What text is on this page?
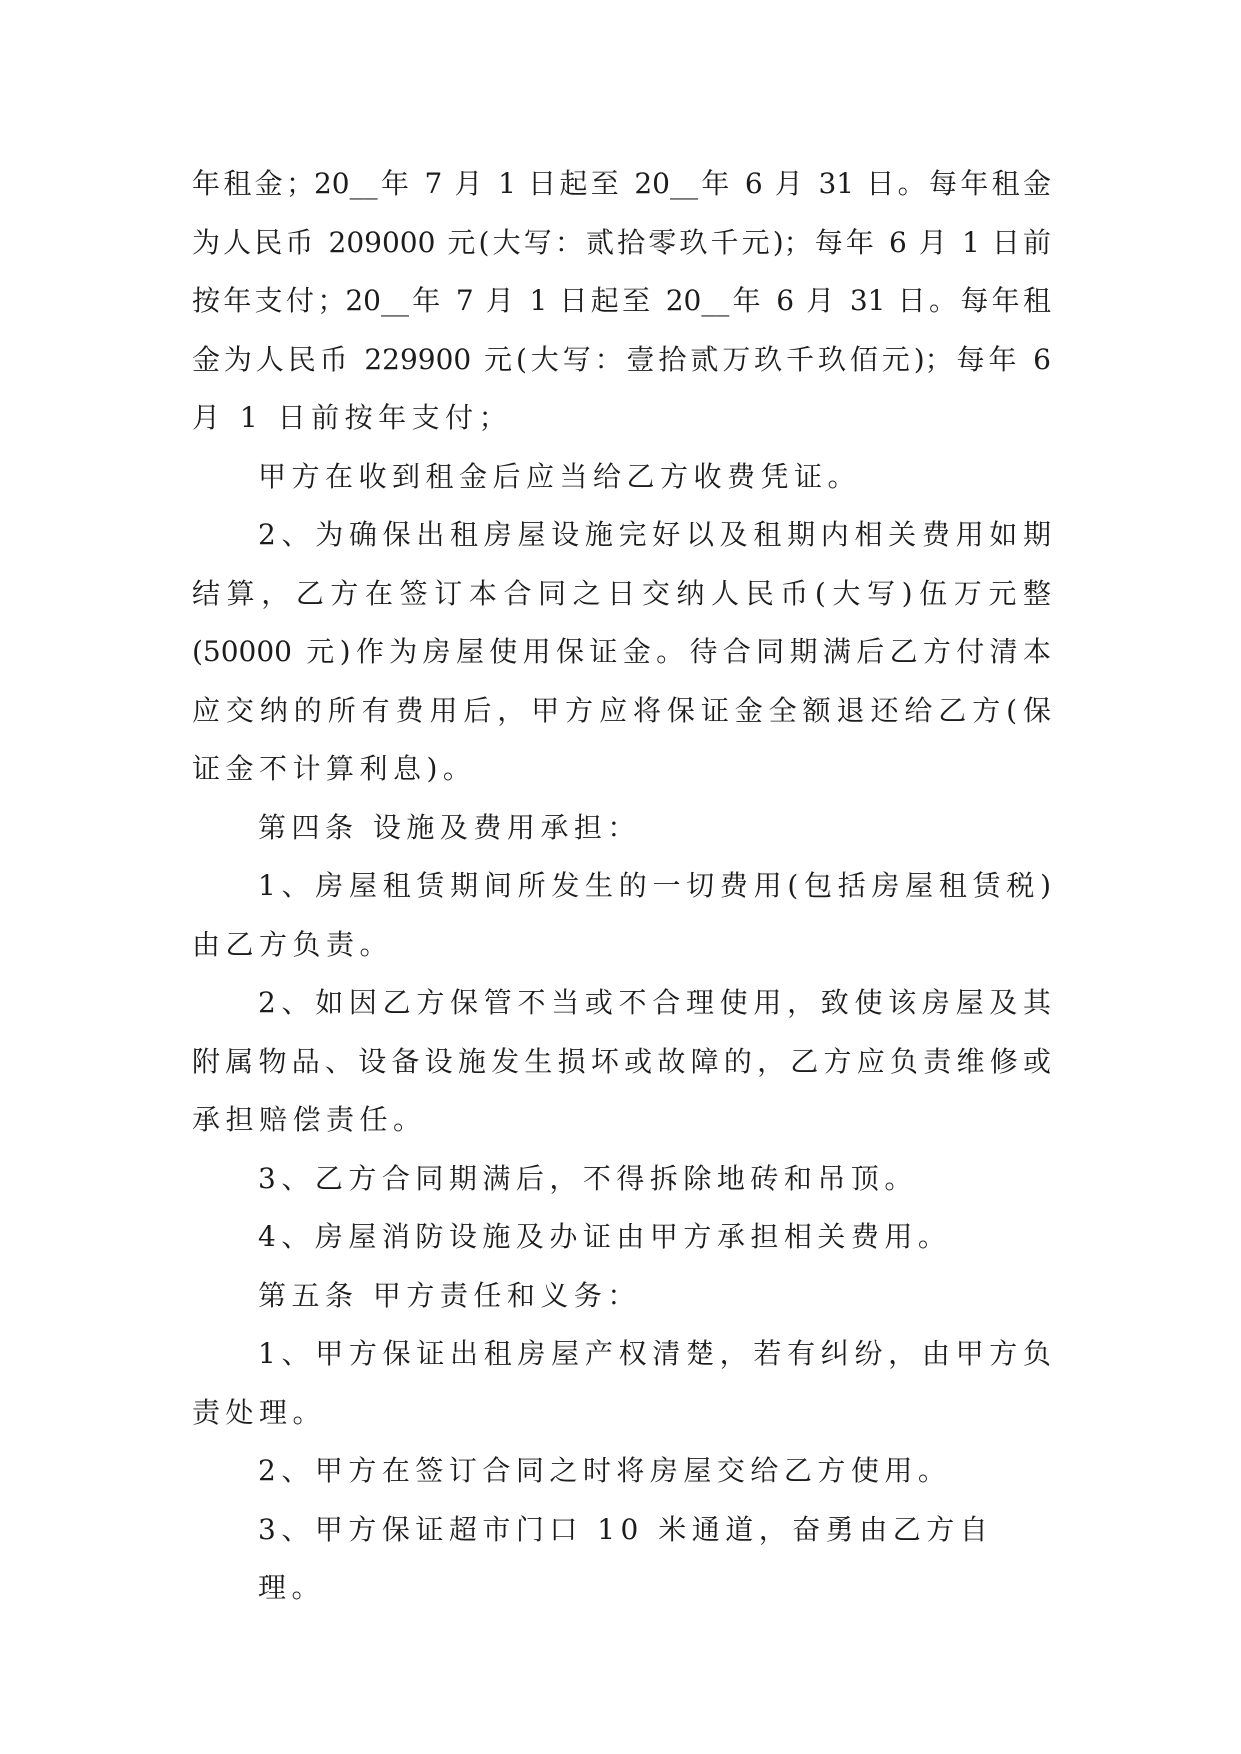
年租金；20__年 7 月 1 日起至 20__年 6 月 31 日。每年租金
为人民币 209000 元(大写：贰拾零玖千元)；每年 6 月 1 日前
按年支付；20__年 7 月 1 日起至 20__年 6 月 31 日。每年租
金为人民币 229900 元(大写：壹拾贰万玖千玖佰元)；每年 6
月 1 日前按年支付；
甲方在收到租金后应当给乙方收费凭证。
2、为确保出租房屋设施完好以及租期内相关费用如期
结算，乙方在签订本合同之日交纳人民币(大写)伍万元整
(50000 元)作为房屋使用保证金。待合同期满后乙方付清本
应交纳的所有费用后，甲方应将保证金全额退还给乙方(保
证金不计算利息)。
第四条 设施及费用承担：
1、房屋租赁期间所发生的一切费用(包括房屋租赁税)
由乙方负责。
2、如因乙方保管不当或不合理使用，致使该房屋及其
附属物品、设备设施发生损坏或故障的，乙方应负责维修或
承担赔偿责任。
3、乙方合同期满后，不得拆除地砖和吊顶。
4、房屋消防设施及办证由甲方承担相关费用。
第五条 甲方责任和义务：
1、甲方保证出租房屋产权清楚，若有纠纷，由甲方负
责处理。
2、甲方在签订合同之时将房屋交给乙方使用。
3、甲方保证超市门口 10 米通道，奋勇由乙方自理。
